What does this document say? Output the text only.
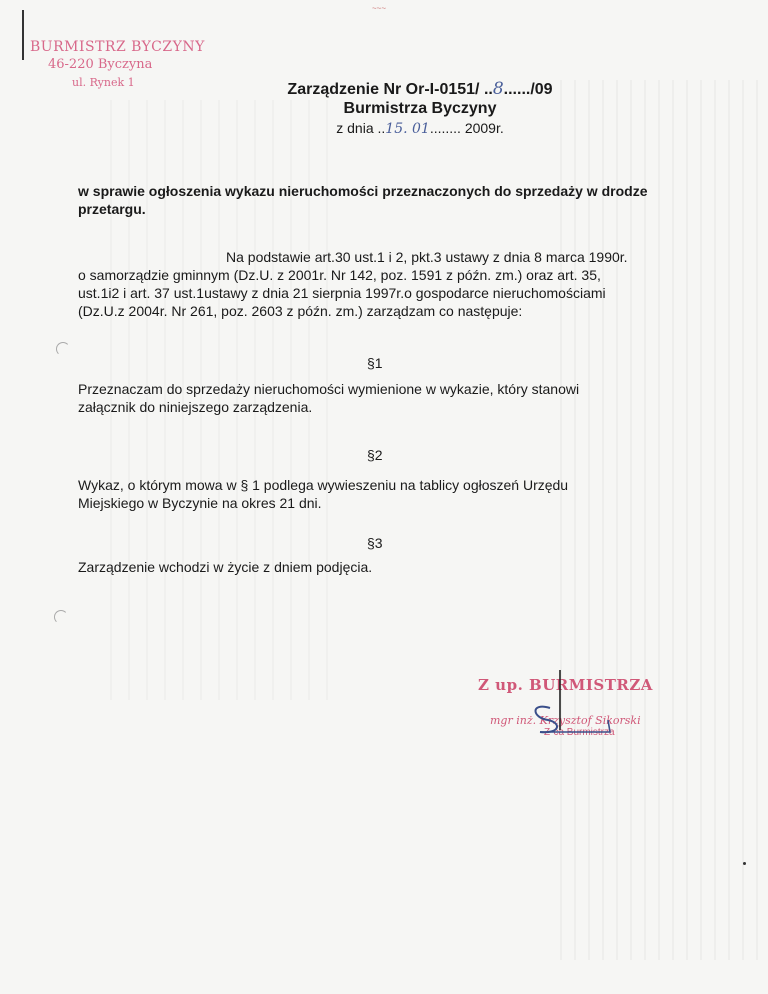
~~~
BURMISTRZ BYCZYNY
46-220 Byczyna
ul. Rynek 1	Zarządzenie Nr Or-I-0151/ ..8....../09
Burmistrza Byczyny
z dnia ..15. 01........ 2009r.
w sprawie ogłoszenia wykazu nieruchomości przeznaczonych do sprzedaży w drodze przetargu.
Na podstawie art.30 ust.1 i 2, pkt.3 ustawy z dnia 8 marca 1990r.
o samorządzie gminnym (Dz.U. z 2001r. Nr 142, poz. 1591 z późn. zm.) oraz art. 35,
ust.1i2 i art. 37 ust.1ustawy z dnia 21 sierpnia 1997r.o gospodarce nieruchomościami
(Dz.U.z 2004r. Nr 261, poz. 2603 z późn. zm.) zarządzam co następuje:
§1
Przeznaczam do sprzedaży nieruchomości wymienione w wykazie, który stanowi
załącznik do niniejszego zarządzenia.
§2
Wykaz, o którym mowa w § 1 podlega wywieszeniu na tablicy ogłoszeń Urzędu
Miejskiego w Byczynie na okres 21 dni.
§3
Zarządzenie wchodzi w życie z dniem podjęcia.
Z up. BURMISTRZA
mgr inż. Krzysztof Sikorski
Z-ca Burmistrza
